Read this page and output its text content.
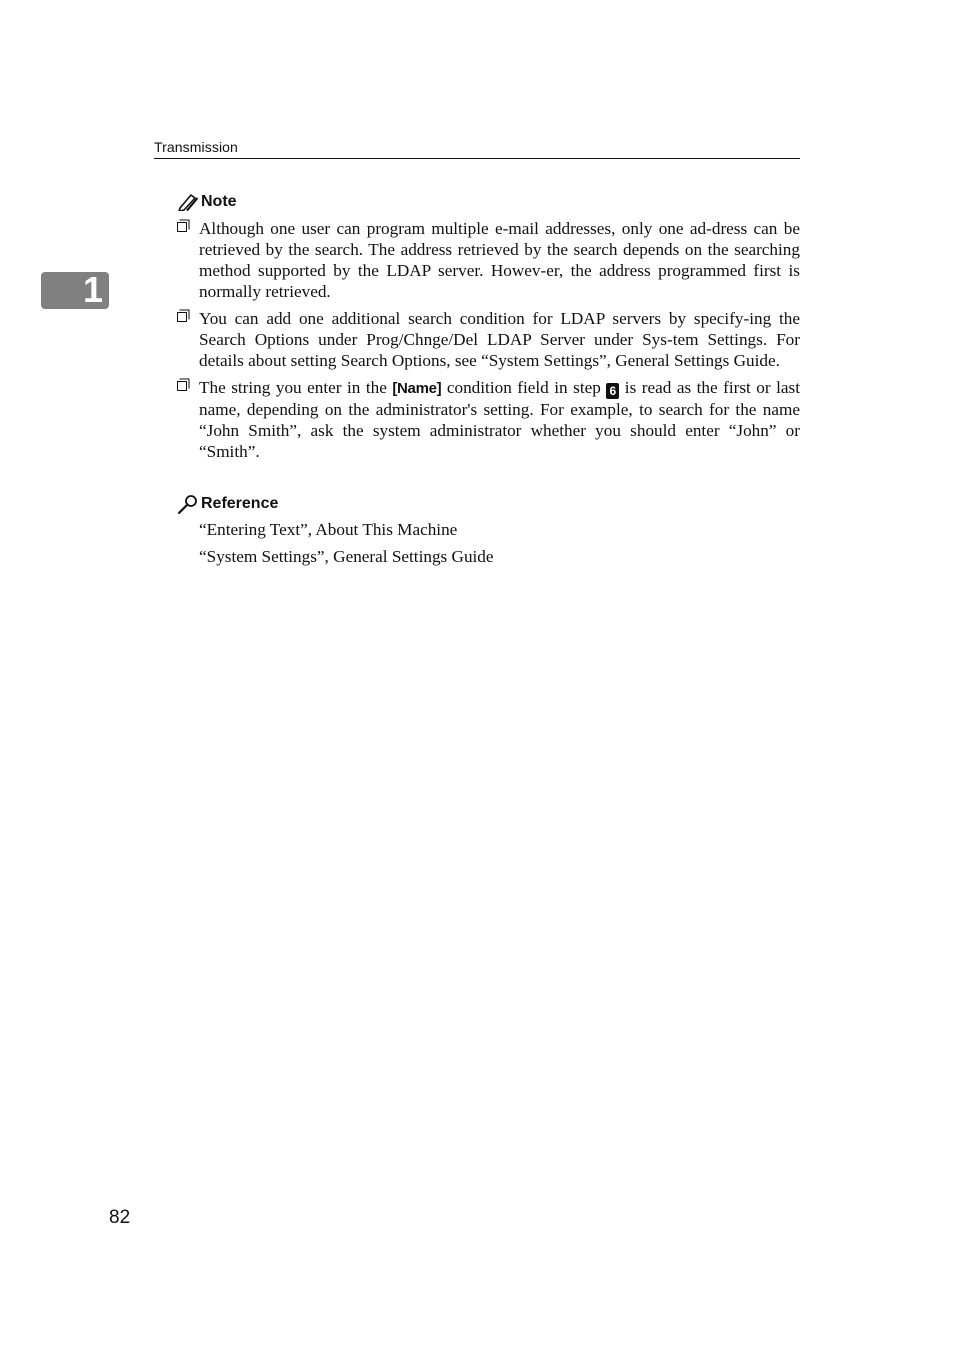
Transmission
1
Note
Although one user can program multiple e-mail addresses, only one ad-dress can be retrieved by the search. The address retrieved by the search depends on the searching method supported by the LDAP server. Howev-er, the address programmed first is normally retrieved.
You can add one additional search condition for LDAP servers by specify-ing the Search Options under Prog/Chnge/Del LDAP Server under Sys-tem Settings. For details about setting Search Options, see “System Settings”, General Settings Guide.
The string you enter in the [Name] condition field in step 6 is read as the first or last name, depending on the administrator's setting. For example, to search for the name “John Smith”, ask the system administrator whether you should enter “John” or “Smith”.
Reference
“Entering Text”, About This Machine
“System Settings”, General Settings Guide
82
